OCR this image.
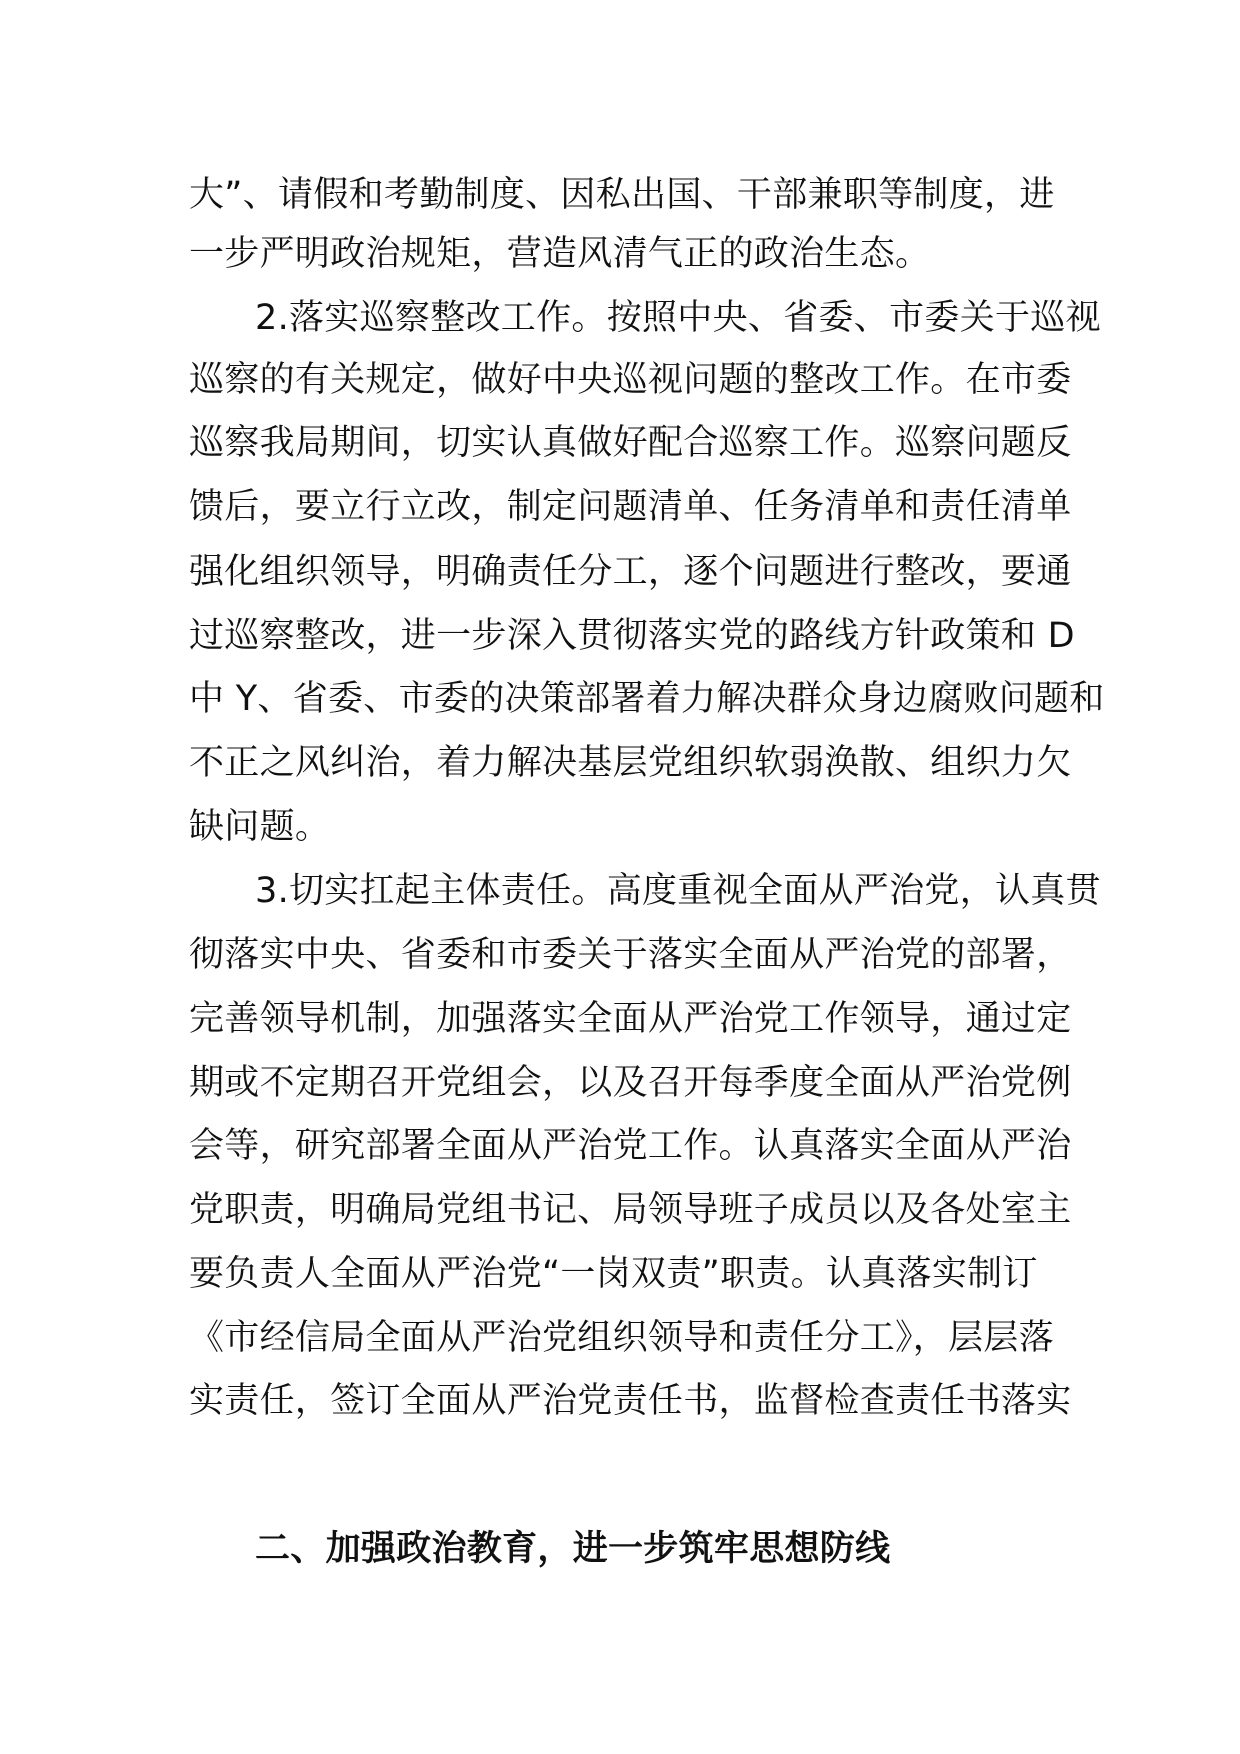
大”、请假和考勤制度、因私出国、干部兼职等制度，进
一步严明政治规矩，营造风清气正的政治生态。
2.落实巡察整改工作。按照中央、省委、市委关于巡视
巡察的有关规定，做好中央巡视问题的整改工作。在市委
巡察我局期间，切实认真做好配合巡察工作。巡察问题反
馈后，要立行立改，制定问题清单、任务清单和责任清单
强化组织领导，明确责任分工，逐个问题进行整改，要通
过巡察整改，进一步深入贯彻落实党的路线方针政策和 D
中 Y、省委、市委的决策部署着力解决群众身边腐败问题和
不正之风纠治，着力解决基层党组织软弱涣散、组织力欠
缺问题。
3.切实扛起主体责任。高度重视全面从严治党，认真贯
彻落实中央、省委和市委关于落实全面从严治党的部署，
完善领导机制，加强落实全面从严治党工作领导，通过定
期或不定期召开党组会，以及召开每季度全面从严治党例
会等，研究部署全面从严治党工作。认真落实全面从严治
党职责，明确局党组书记、局领导班子成员以及各处室主
要负责人全面从严治党“一岗双责”职责。认真落实制订
《市经信局全面从严治党组织领导和责任分工》，层层落
实责任，签订全面从严治党责任书，监督检查责任书落实
二、加强政治教育，进一步筑牢思想防线
